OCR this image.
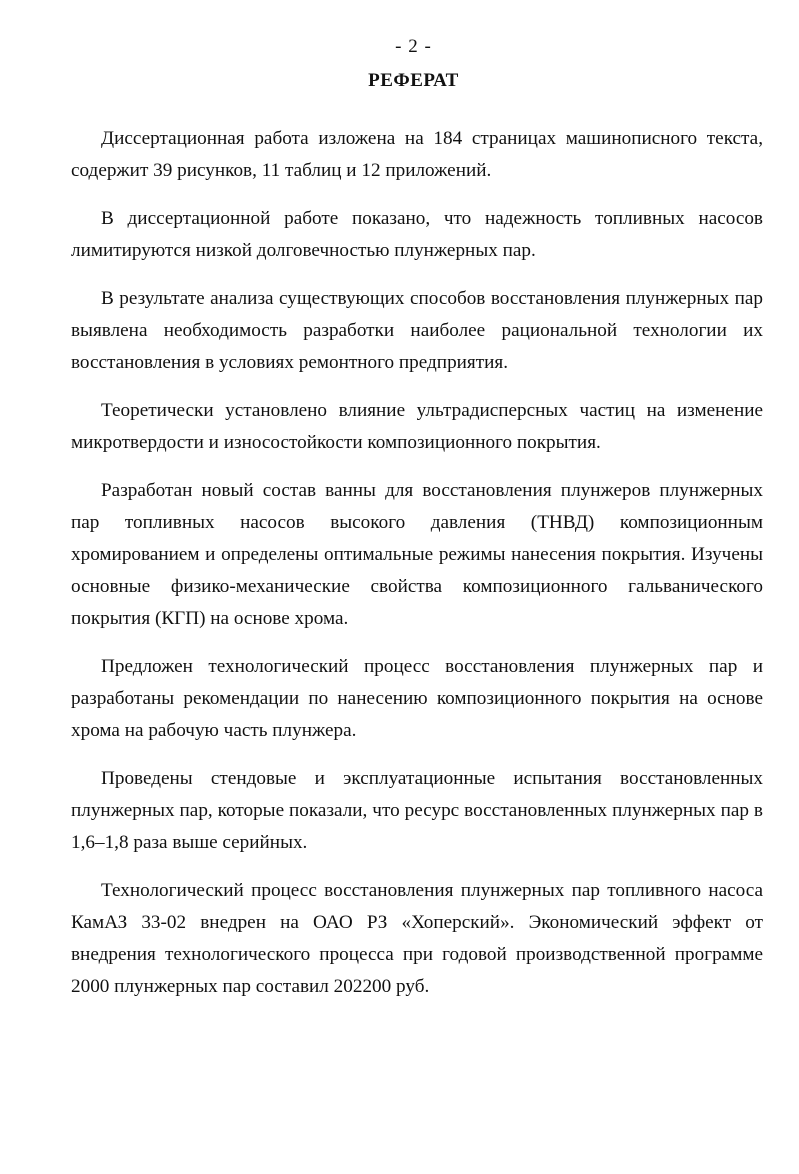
- 2 -
РЕФЕРАТ

Диссертационная работа изложена на 184 страницах машинописного текста, содержит 39 рисунков, 11 таблиц и 12 приложений.

В диссертационной работе показано, что надежность топливных насосов лимитируются низкой долговечностью плунжерных пар.

В результате анализа существующих способов восстановления плунжерных пар выявлена необходимость разработки наиболее рациональной технологии их восстановления в условиях ремонтного предприятия.

Теоретически установлено влияние ультрадисперсных частиц на изменение микротвердости и износостойкости композиционного покрытия.

Разработан новый состав ванны для восстановления плунжеров плунжерных пар топливных насосов высокого давления (ТНВД) композиционным хромированием и определены оптимальные режимы нанесения покрытия. Изучены основные физико-механические свойства композиционного гальванического покрытия (КГП) на основе хрома.

Предложен технологический процесс восстановления плунжерных пар и разработаны рекомендации по нанесению композиционного покрытия на основе хрома на рабочую часть плунжера.

Проведены стендовые и эксплуатационные испытания восстановленных плунжерных пар, которые показали, что ресурс восстановленных плунжерных пар в 1,6–1,8 раза выше серийных.

Технологический процесс восстановления плунжерных пар топливного насоса КамАЗ 33-02 внедрен на ОАО РЗ «Хоперский». Экономический эффект от внедрения технологического процесса при годовой производственной программе 2000 плунжерных пар составил 202200 руб.
